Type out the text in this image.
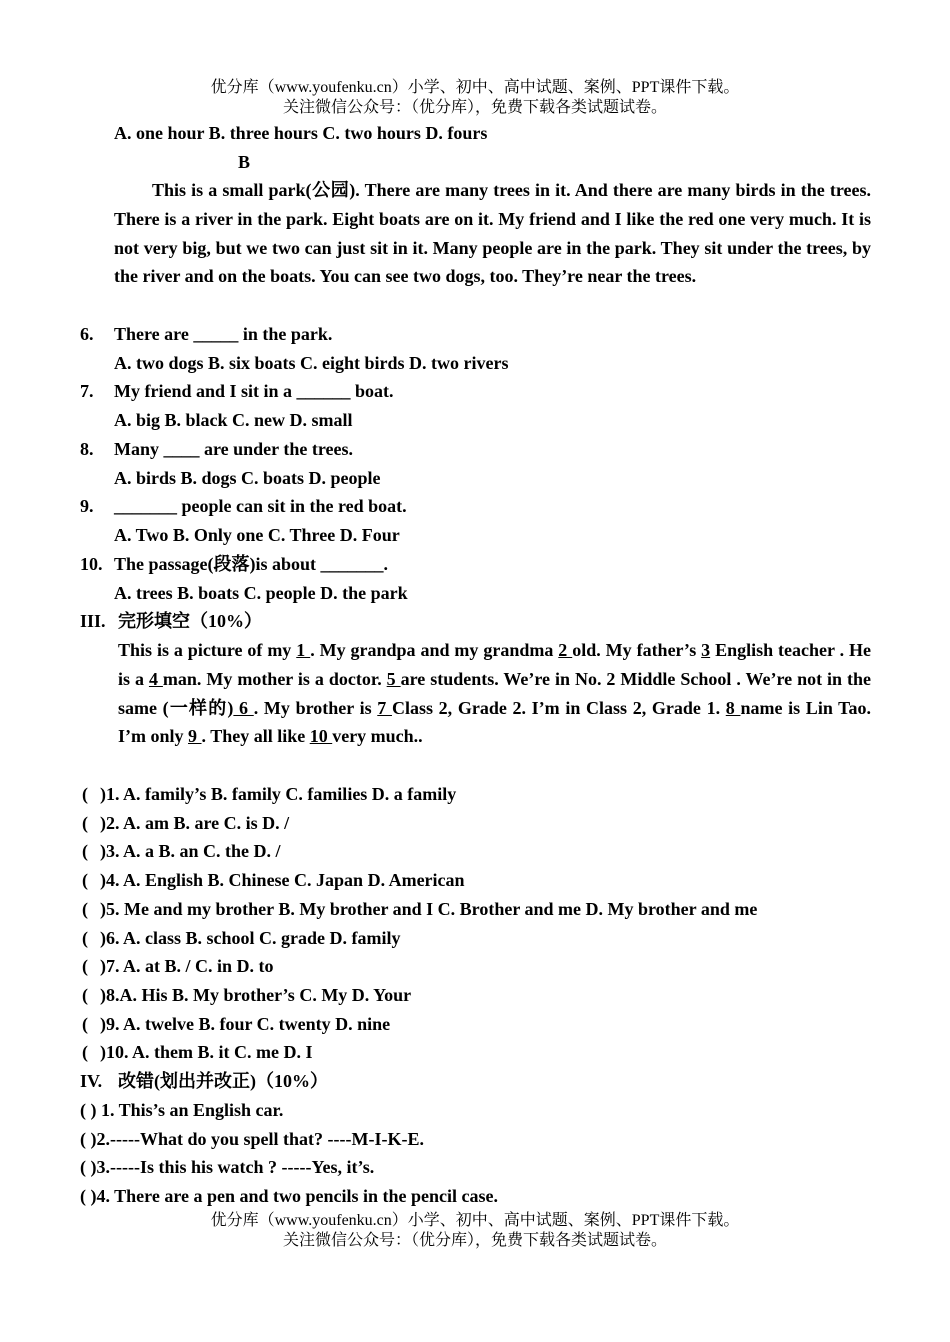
优分库（www.youfenku.cn）小学、初中、高中试题、案例、PPT课件下载。
关注微信公众号：（优分库），免费下载各类试题试卷。
A. one hour B. three hours C. two hours D. fours
B
This is a small park(公园). There are many trees in it. And there are many birds in the trees. There is a river in the park. Eight boats are on it. My friend and I like the red one very much. It is not very big, but we two can just sit in it. Many people are in the park. They sit under the trees, by the river and on the boats. You can see two dogs, too. They’re near the trees.
6. There are _____ in the park.
A. two dogs B. six boats C. eight birds D. two rivers
7. My friend and I sit in a ______ boat.
A. big B. black C. new D. small
8. Many ____ are under the trees.
A. birds B. dogs C. boats D. people
9. _______ people can sit in the red boat.
A. Two B. Only one C. Three D. Four
10. The passage(段落)is about _______.
A. trees B. boats C. people D. the park
III. 完形填空（10%）
This is a picture of my 1 . My grandpa and my grandma 2 old. My father’s 3 English teacher . He is a 4 man. My mother is a doctor. 5 are students. We’re in No. 2 Middle School . We’re not in the same (一样的) 6 . My brother is 7 Class 2, Grade 2. I’m in Class 2, Grade 1. 8 name is Lin Tao. I’m only 9 . They all like 10 very much..
( )1. A. family’s B. family C. families D. a family
( )2. A. am B. are C. is D. /
( )3. A. a B. an C. the D. /
( )4. A. English B. Chinese C. Japan D. American
( )5. Me and my brother B. My brother and I C. Brother and me D. My brother and me
( )6. A. class B. school C. grade D. family
( )7. A. at B. / C. in D. to
( )8.A. His B. My brother’s C. My D. Your
( )9. A. twelve B. four C. twenty D. nine
( )10. A. them B. it C. me D. I
IV. 改错(划出并改正)（10%）
( ) 1. This’s an English car.
( )2.-----What do you spell that? ----M-I-K-E.
( )3.-----Is this his watch ? -----Yes, it’s.
( )4. There are a pen and two pencils in the pencil case.
优分库（www.youfenku.cn）小学、初中、高中试题、案例、PPT课件下载。
关注微信公众号：（优分库），免费下载各类试题试卷。
